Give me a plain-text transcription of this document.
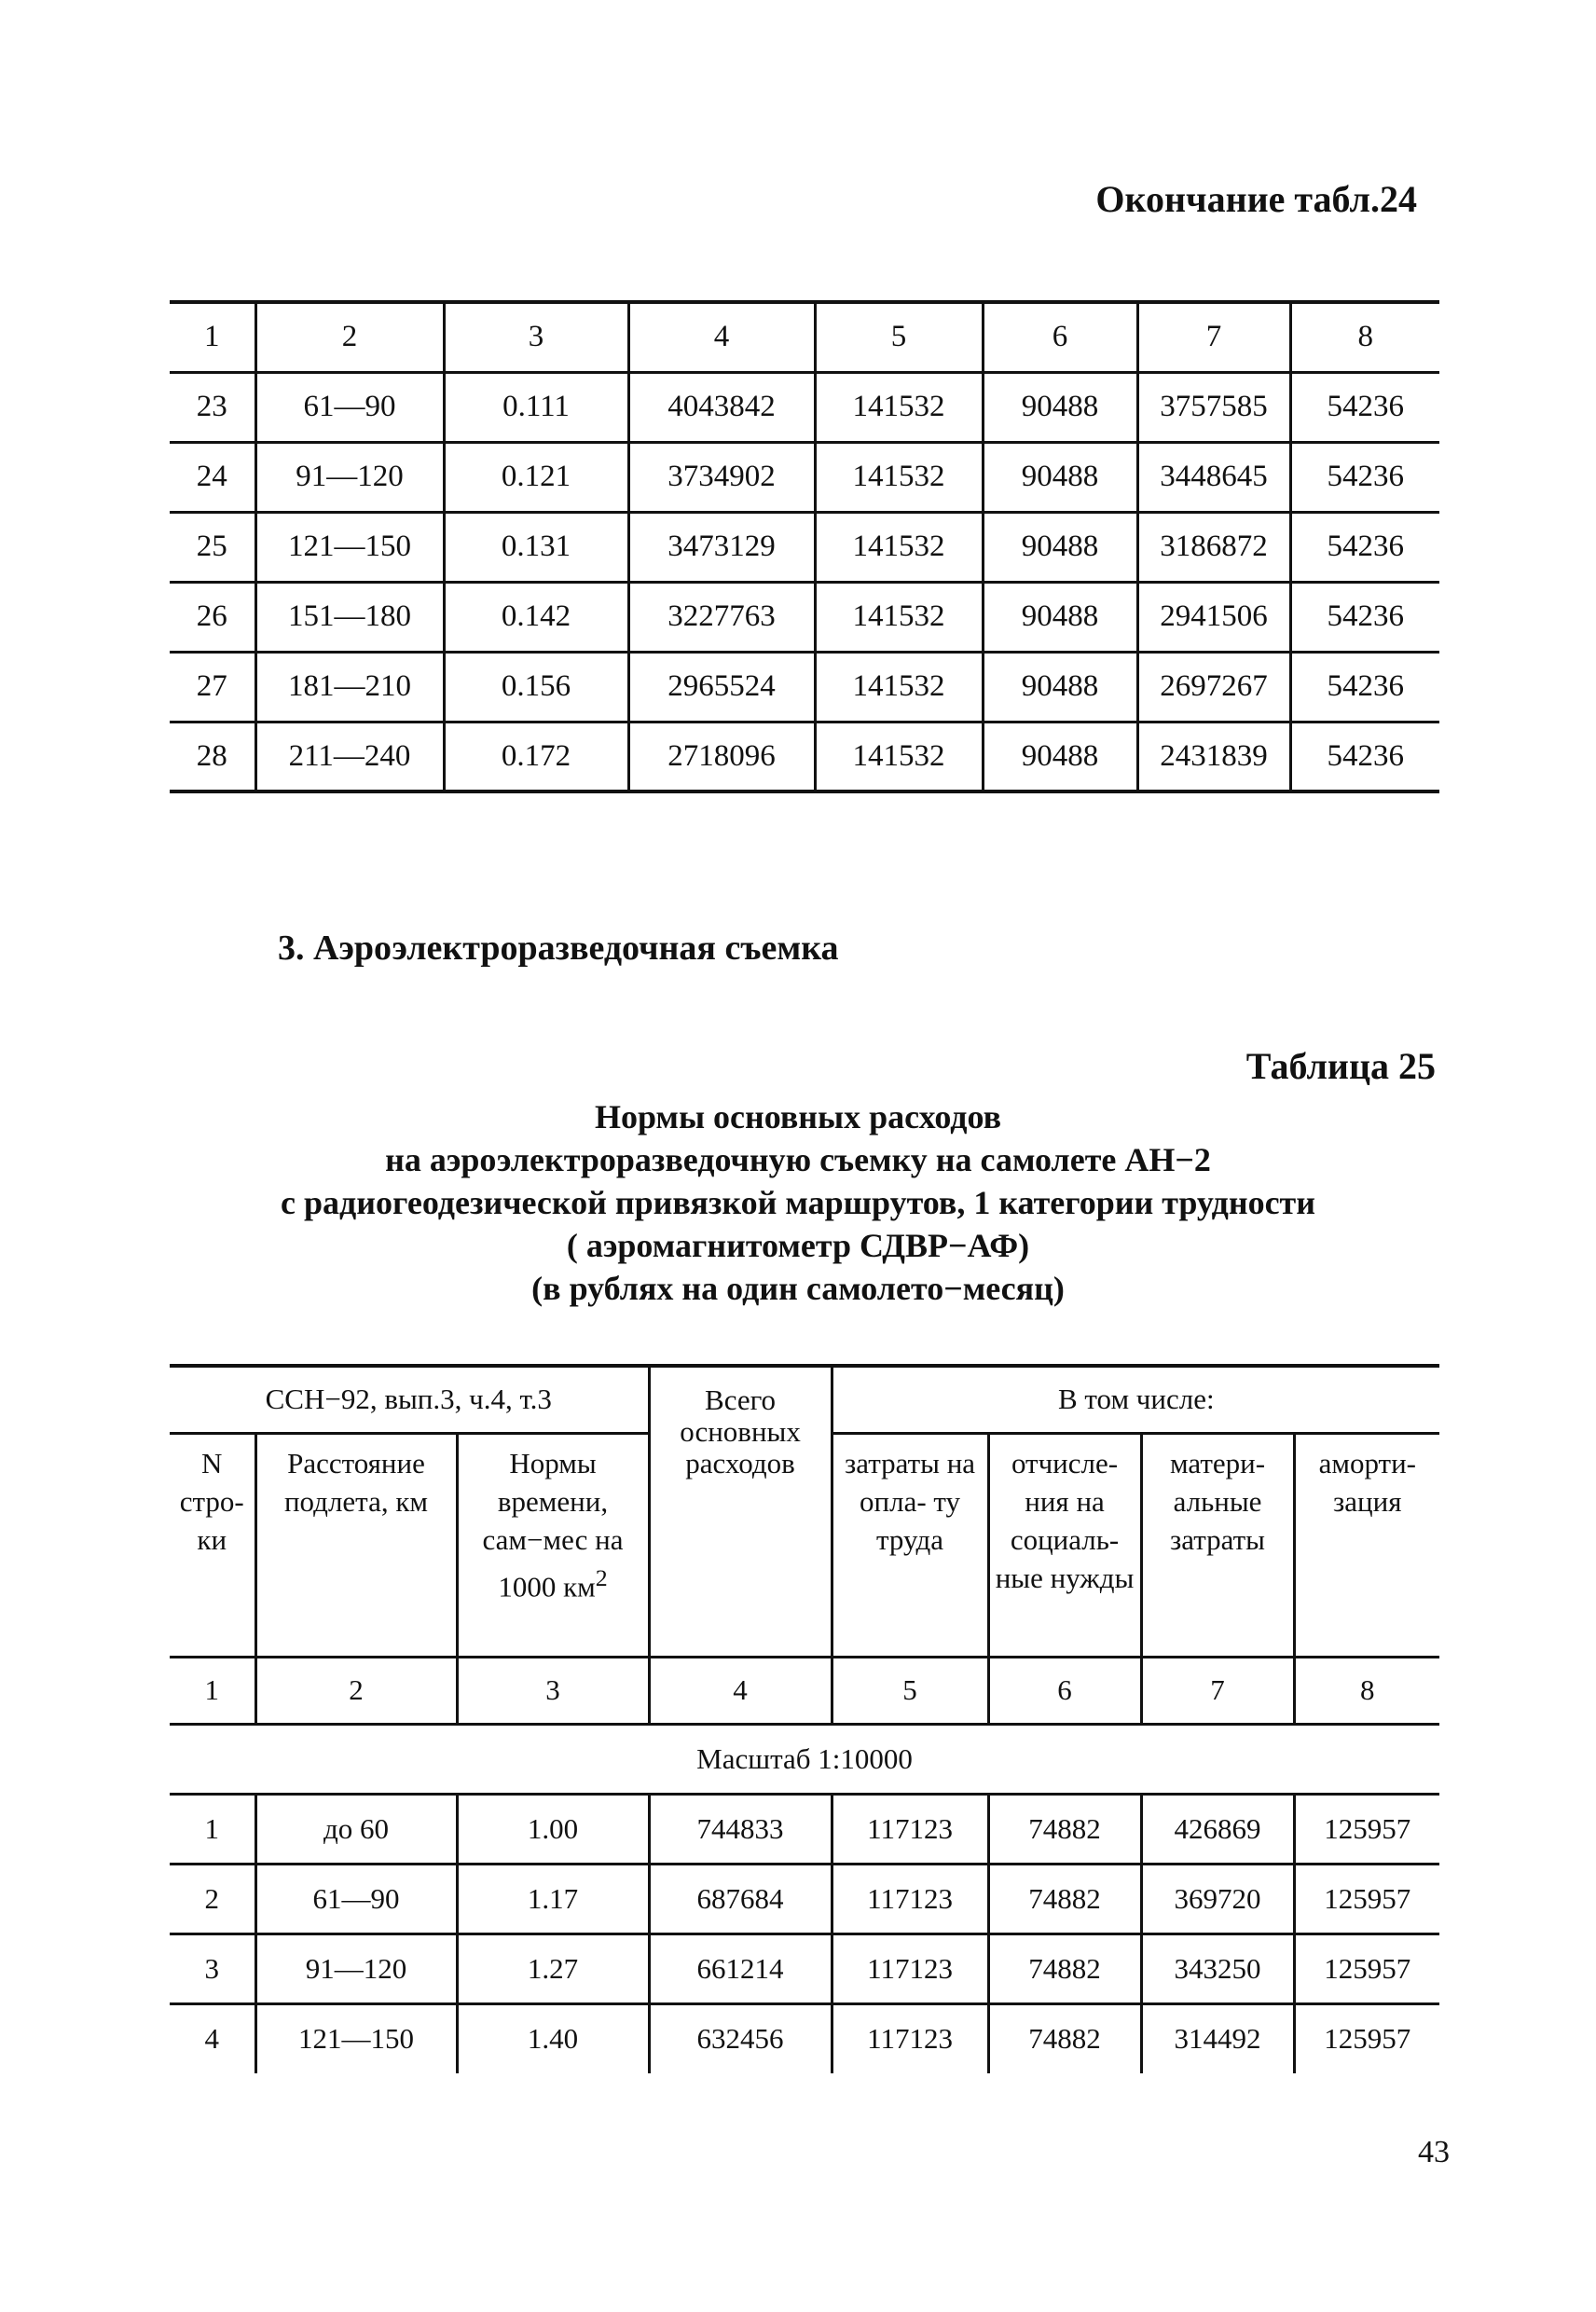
Окончание табл.24
1	2	3	4	5	6	7	8
23	61—90	0.111	4043842	141532	90488	3757585	54236
24	91—120	0.121	3734902	141532	90488	3448645	54236
25	121—150	0.131	3473129	141532	90488	3186872	54236
26	151—180	0.142	3227763	141532	90488	2941506	54236
27	181—210	0.156	2965524	141532	90488	2697267	54236
28	211—240	0.172	2718096	141532	90488	2431839	54236
3. Аэроэлектроразведочная съемка
Таблица 25
Нормы основных расходов
на аэроэлектроразведочную съемку на самолете АН−2
с радиогеодезической привязкой маршрутов, 1 категории трудности
( аэромагнитометр СДВР−АФ)
(в рублях на один самолето−месяц)
ССН−92, вып.3, ч.4, т.3			Всего основных расходов	В том числе:			
N стро- ки	Расстояние подлета, км	Нормы времени, сам−мес на 1000 $км^2$		затраты на опла- ту труда	отчисле- ния на социаль- ные нужды	матери- альные затраты	аморти- зация
1	2	3	4	5	6	7	8
Масштаб 1:10000							
1	до 60	1.00	744833	117123	74882	426869	125957
2	61—90	1.17	687684	117123	74882	369720	125957
3	91—120	1.27	661214	117123	74882	343250	125957
4	121—150	1.40	632456	117123	74882	314492	125957
43
